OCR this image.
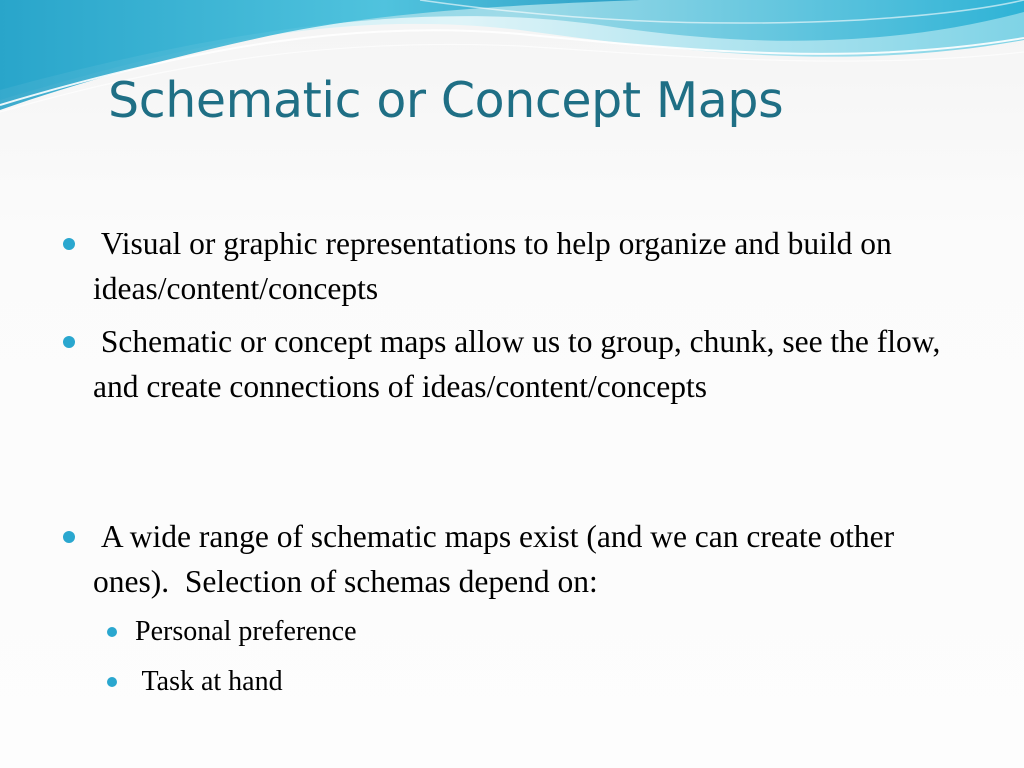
Schematic or Concept Maps
Visual or graphic representations to help organize and build on ideas/content/concepts
Schematic or concept maps allow us to group, chunk, see the flow, and create connections of ideas/content/concepts
A wide range of schematic maps exist (and we can create other ones).  Selection of schemas depend on:
Personal preference
Task at hand
